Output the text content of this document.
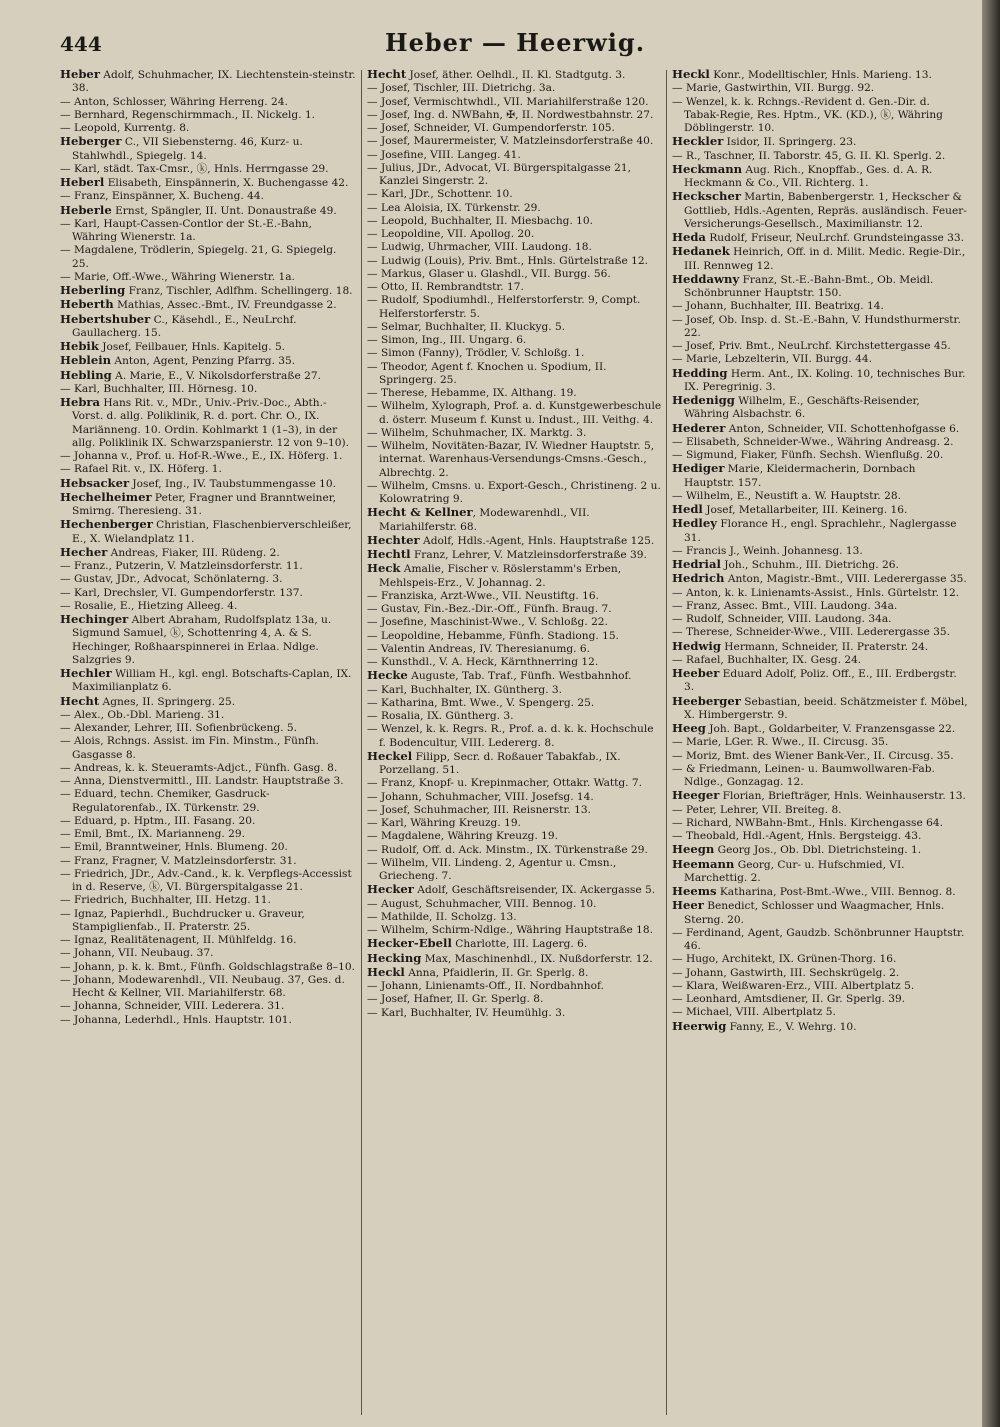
444	Heber — Heerwig.
Heber Adolf, Schuhmacher, IX. Liechtenstein-steinstr. 38.
— Anton, Schlosser, Währing Herreng. 24.
— Bernhard, Regenschirmmach., II. Nickelg. 1.
— Leopold, Kurrentg. 8.
Heberger C., VII Siebensterng. 46, Kurz- u. Stahlwhdl., Spiegelg. 14.
— Karl, städt. Tax-Cmsr., ⓚ, Hnls. Herrngasse 29.
Heberl Elisabeth, Einspännerin, X. Buchengasse 42.
— Franz, Einspänner, X. Bucheng. 44.
Heberle Ernst, Spängler, II. Unt. Donaustraße 49.
— Karl, Haupt-Cassen-Contlor der St.-E.-Bahn, Währing Wienerstr. 1a.
— Magdalene, Trödlerin, Spiegelg. 21, G. Spiegelg. 25.
— Marie, Off.-Wwe., Währing Wienerstr. 1a.
Heberling Franz, Tischler, Adlfhm. Schellingerg. 18.
Heberth Mathias, Assec.-Bmt., IV. Freundgasse 2.
Hebertshuber C., Käsehdl., E., NeuLrchf. Gaullacherg. 15.
Hebik Josef, Feilbauer, Hnls. Kapitelg. 5.
Heblein Anton, Agent, Penzing Pfarrg. 35.
Hebling A. Marie, E., V. Nikolsdorferstraße 27.
— Karl, Buchhalter, III. Hörnesg. 10.
Hebra Hans Rit. v., MDr., Univ.-Priv.-Doc., Abth.-Vorst. d. allg. Poliklinik, R. d. port. Chr. O., IX. Mariänneng. 10. Ordin. Kohlmarkt 1 (1–3), in der allg. Poliklinik IX. Schwarzspanierstr. 12 von 9–10).
— Johanna v., Prof. u. Hof-R.-Wwe., E., IX. Höferg. 1.
— Rafael Rit. v., IX. Höferg. 1.
Hebsacker Josef, Ing., IV. Taubstummengasse 10.
Hechelheimer Peter, Fragner und Branntweiner, Smirng. Theresieng. 31.
Hechenberger Christian, Flaschenbierverschleißer, E., X. Wielandplatz 11.
Hecher Andreas, Fiaker, III. Rüdeng. 2.
— Franz., Putzerin, V. Matzleinsdorferstr. 11.
— Gustav, JDr., Advocat, Schönlaterng. 3.
— Karl, Drechsler, VI. Gumpendorferstr. 137.
— Rosalie, E., Hietzing Alleeg. 4.
Hechinger Albert Abraham, Rudolfsplatz 13a, u. Sigmund Samuel, ⓚ, Schottenring 4, A. & S. Hechinger, Roßhaarspinnerei in Erlaa. Ndlge. Salzgries 9.
Hechler William H., kgl. engl. Botschafts-Caplan, IX. Maximilianplatz 6.
Hecht Agnes, II. Springerg. 25.
— Alex., Ob.-Dbl. Marieng. 31.
— Alexander, Lehrer, III. Sofienbrückeng. 5.
— Alois, Rchngs. Assist. im Fin. Minstm., Fünfh. Gasgasse 8.
— Andreas, k. k. Steueramts-Adjct., Fünfh. Gasg. 8.
— Anna, Dienstvermittl., III. Landstr. Hauptstraße 3.
— Eduard, techn. Chemiker, Gasdruck-Regulatorenfab., IX. Türkenstr. 29.
— Eduard, p. Hptm., III. Fasang. 20.
— Emil, Bmt., IX. Marianneng. 29.
— Emil, Branntweiner, Hnls. Blumeng. 20.
— Franz, Fragner, V. Matzleinsdorferstr. 31.
— Friedrich, JDr., Adv.-Cand., k. k. Verpflegs-Accessist in d. Reserve, ⓚ, VI. Bürgerspitalgasse 21.
— Friedrich, Buchhalter, III. Hetzg. 11.
— Ignaz, Papierhdl., Buchdrucker u. Graveur, Stampiglienfab., II. Praterstr. 25.
— Ignaz, Realitätenagent, II. Mühlfeldg. 16.
— Johann, VII. Neubaug. 37.
— Johann, p. k. k. Bmt., Fünfh. Goldschlagstraße 8–10.
— Johann, Modewarenhdl., VII. Neubaug. 37, Ges. d. Hecht & Kellner, VII. Mariahilferstr. 68.
— Johanna, Schneider, VIII. Lederera. 31.
— Johanna, Lederhdl., Hnls. Hauptstr. 101.
Hecht Josef, äther. Oelhdl., II. Kl. Stadtgutg. 3.
— Josef, Tischler, III. Dietrichg. 3a.
— Josef, Vermischtwhdl., VII. Mariahilferstraße 120.
— Josef, Ing. d. NWBahn, ✠, II. Nordwestbahnstr. 27.
— Josef, Schneider, VI. Gumpendorferstr. 105.
— Josef, Maurermeister, V. Matzleinsdorferstraße 40.
— Josefine, VIII. Langeg. 41.
— Julius, JDr., Advocat, VI. Bürgerspitalgasse 21, Kanzlei Singerstr. 2.
— Karl, JDr., Schottenr. 10.
— Lea Aloisia, IX. Türkenstr. 29.
— Leopold, Buchhalter, II. Miesbachg. 10.
— Leopoldine, VII. Apollog. 20.
— Ludwig, Uhrmacher, VIII. Laudong. 18.
— Ludwig (Louis), Priv. Bmt., Hnls. Gürtelstraße 12.
— Markus, Glaser u. Glashdl., VII. Burgg. 56.
— Otto, II. Rembrandtstr. 17.
— Rudolf, Spodiumhdl., Helferstorferstr. 9, Compt. Helferstorferstr. 5.
— Selmar, Buchhalter, II. Kluckyg. 5.
— Simon, Ing., III. Ungarg. 6.
— Simon (Fanny), Trödler, V. Schloßg. 1.
— Theodor, Agent f. Knochen u. Spodium, II. Springerg. 25.
— Therese, Hebamme, IX. Althang. 19.
— Wilhelm, Xylograph, Prof. a. d. Kunstgewerbeschule d. österr. Museum f. Kunst u. Indust., III. Veithg. 4.
— Wilhelm, Schuhmacher, IX. Marktg. 3.
— Wilhelm, Novitäten-Bazar, IV. Wiedner Hauptstr. 5, internat. Warenhaus-Versendungs-Cmsns.-Gesch., Albrechtg. 2.
— Wilhelm, Cmsns. u. Export-Gesch., Christineng. 2 u. Kolowratring 9.
Hecht & Kellner, Modewarenhdl., VII. Mariahilferstr. 68.
Hechter Adolf, Hdls.-Agent, Hnls. Hauptstraße 125.
Hechtl Franz, Lehrer, V. Matzleinsdorferstraße 39.
Heck Amalie, Fischer v. Röslerstamm's Erben, Mehlspeis-Erz., V. Johannag. 2.
— Franziska, Arzt-Wwe., VII. Neustiftg. 16.
— Gustav, Fin.-Bez.-Dir.-Off., Fünfh. Braug. 7.
— Josefine, Maschinist-Wwe., V. Schloßg. 22.
— Leopoldine, Hebamme, Fünfh. Stadiong. 15.
— Valentin Andreas, IV. Theresianumg. 6.
— Kunsthdl., V. A. Heck, Kärnthnerring 12.
Hecke Auguste, Tab. Traf., Fünfh. Westbahnhof.
— Karl, Buchhalter, IX. Güntherg. 3.
— Katharina, Bmt. Wwe., V. Spengerg. 25.
— Rosalia, IX. Güntherg. 3.
— Wenzel, k. k. Regrs. R., Prof. a. d. k. k. Hochschule f. Bodencultur, VIII. Ledererg. 8.
Heckel Filipp, Secr. d. Roßauer Tabakfab., IX. Porzellang. 51.
— Franz, Knopf- u. Krepinmacher, Ottakr. Wattg. 7.
— Johann, Schuhmacher, VIII. Josefsg. 14.
— Josef, Schuhmacher, III. Reisnerstr. 13.
— Karl, Währing Kreuzg. 19.
— Magdalene, Währing Kreuzg. 19.
— Rudolf, Off. d. Ack. Minstm., IX. Türkenstraße 29.
— Wilhelm, VII. Lindeng. 2, Agentur u. Cmsn., Griecheng. 7.
Hecker Adolf, Geschäftsreisender, IX. Ackergasse 5.
— August, Schuhmacher, VIII. Bennog. 10.
— Mathilde, II. Scholzg. 13.
— Wilhelm, Schirm-Ndlge., Währing Hauptstraße 18.
Hecker-Ebell Charlotte, III. Lagerg. 6.
Hecking Max, Maschinenhdl., IX. Nußdorferstr. 12.
Heckl Anna, Pfaidlerin, II. Gr. Sperlg. 8.
— Johann, Linienamts-Off., II. Nordbahnhof.
— Josef, Hafner, II. Gr. Sperlg. 8.
— Karl, Buchhalter, IV. Heumühlg. 3.
Heckl Konr., Modelltischler, Hnls. Marieng. 13.
— Marie, Gastwirthin, VII. Burgg. 92.
— Wenzel, k. k. Rchngs.-Revident d. Gen.-Dir. d. Tabak-Regie, Res. Hptm., VK. (KD.), ⓚ, Währing Döblingerstr. 10.
Heckler Isidor, II. Springerg. 23.
— R., Taschner, II. Taborstr. 45, G. II. Kl. Sperlg. 2.
Heckmann Aug. Rich., Knopffab., Ges. d. A. R. Heckmann & Co., VII. Richterg. 1.
Heckscher Martin, Babenbergerstr. 1, Heckscher & Gottlieb, Hdls.-Agenten, Repräs. ausländisch. Feuer-Versicherungs-Gesellsch., Maximilianstr. 12.
Heda Rudolf, Friseur, NeuLrchf. Grundsteingasse 33.
Hedanek Heinrich, Off. in d. Milit. Medic. Regie-Dir., III. Rennweg 12.
Heddawny Franz, St.-E.-Bahn-Bmt., Ob. Meidl. Schönbrunner Hauptstr. 150.
— Johann, Buchhalter, III. Beatrixg. 14.
— Josef, Ob. Insp. d. St.-E.-Bahn, V. Hundsthurmerstr. 22.
— Josef, Priv. Bmt., NeuLrchf. Kirchstettergasse 45.
— Marie, Lebzelterin, VII. Burgg. 44.
Hedding Herm. Ant., IX. Koling. 10, technisches Bur. IX. Peregrinig. 3.
Hedenigg Wilhelm, E., Geschäfts-Reisender, Währing Alsbachstr. 6.
Hederer Anton, Schneider, VII. Schottenhofgasse 6.
— Elisabeth, Schneider-Wwe., Währing Andreasg. 2.
— Sigmund, Fiaker, Fünfh. Sechsh. Wienflußg. 20.
Hediger Marie, Kleidermacherin, Dornbach Hauptstr. 157.
— Wilhelm, E., Neustift a. W. Hauptstr. 28.
Hedl Josef, Metallarbeiter, III. Keinerg. 16.
Hedley Florance H., engl. Sprachlehr., Naglergasse 31.
— Francis J., Weinh. Johannesg. 13.
Hedrial Joh., Schuhm., III. Dietrichg. 26.
Hedrich Anton, Magistr.-Bmt., VIII. Lederergasse 35.
— Anton, k. k. Linienamts-Assist., Hnls. Gürtelstr. 12.
— Franz, Assec. Bmt., VIII. Laudong. 34a.
— Rudolf, Schneider, VIII. Laudong. 34a.
— Therese, Schneider-Wwe., VIII. Lederergasse 35.
Hedwig Hermann, Schneider, II. Praterstr. 24.
— Rafael, Buchhalter, IX. Gesg. 24.
Heeber Eduard Adolf, Poliz. Off., E., III. Erdbergstr. 3.
Heeberger Sebastian, beeid. Schätzmeister f. Möbel, X. Himbergerstr. 9.
Heeg Joh. Bapt., Goldarbeiter, V. Franzensgasse 22.
— Marie, LGer. R. Wwe., II. Circusg. 35.
— Moriz, Bmt. des Wiener Bank-Ver., II. Circusg. 35.
— & Friedmann, Leinen- u. Baumwollwaren-Fab. Ndlge., Gonzagag. 12.
Heeger Florian, Briefträger, Hnls. Weinhauserstr. 13.
— Peter, Lehrer, VII. Breiteg. 8.
— Richard, NWBahn-Bmt., Hnls. Kirchengasse 64.
— Theobald, Hdl.-Agent, Hnls. Bergsteigg. 43.
Heegn Georg Jos., Ob. Dbl. Dietrichsteing. 1.
Heemann Georg, Cur- u. Hufschmied, VI. Marchettig. 2.
Heems Katharina, Post-Bmt.-Wwe., VIII. Bennog. 8.
Heer Benedict, Schlosser und Waagmacher, Hnls. Sterng. 20.
— Ferdinand, Agent, Gaudzb. Schönbrunner Hauptstr. 46.
— Hugo, Architekt, IX. Grünen-Thorg. 16.
— Johann, Gastwirth, III. Sechskrügelg. 2.
— Klara, Weißwaren-Erz., VIII. Albertplatz 5.
— Leonhard, Amtsdiener, II. Gr. Sperlg. 39.
— Michael, VIII. Albertplatz 5.
Heerwig Fanny, E., V. Wehrg. 10.
